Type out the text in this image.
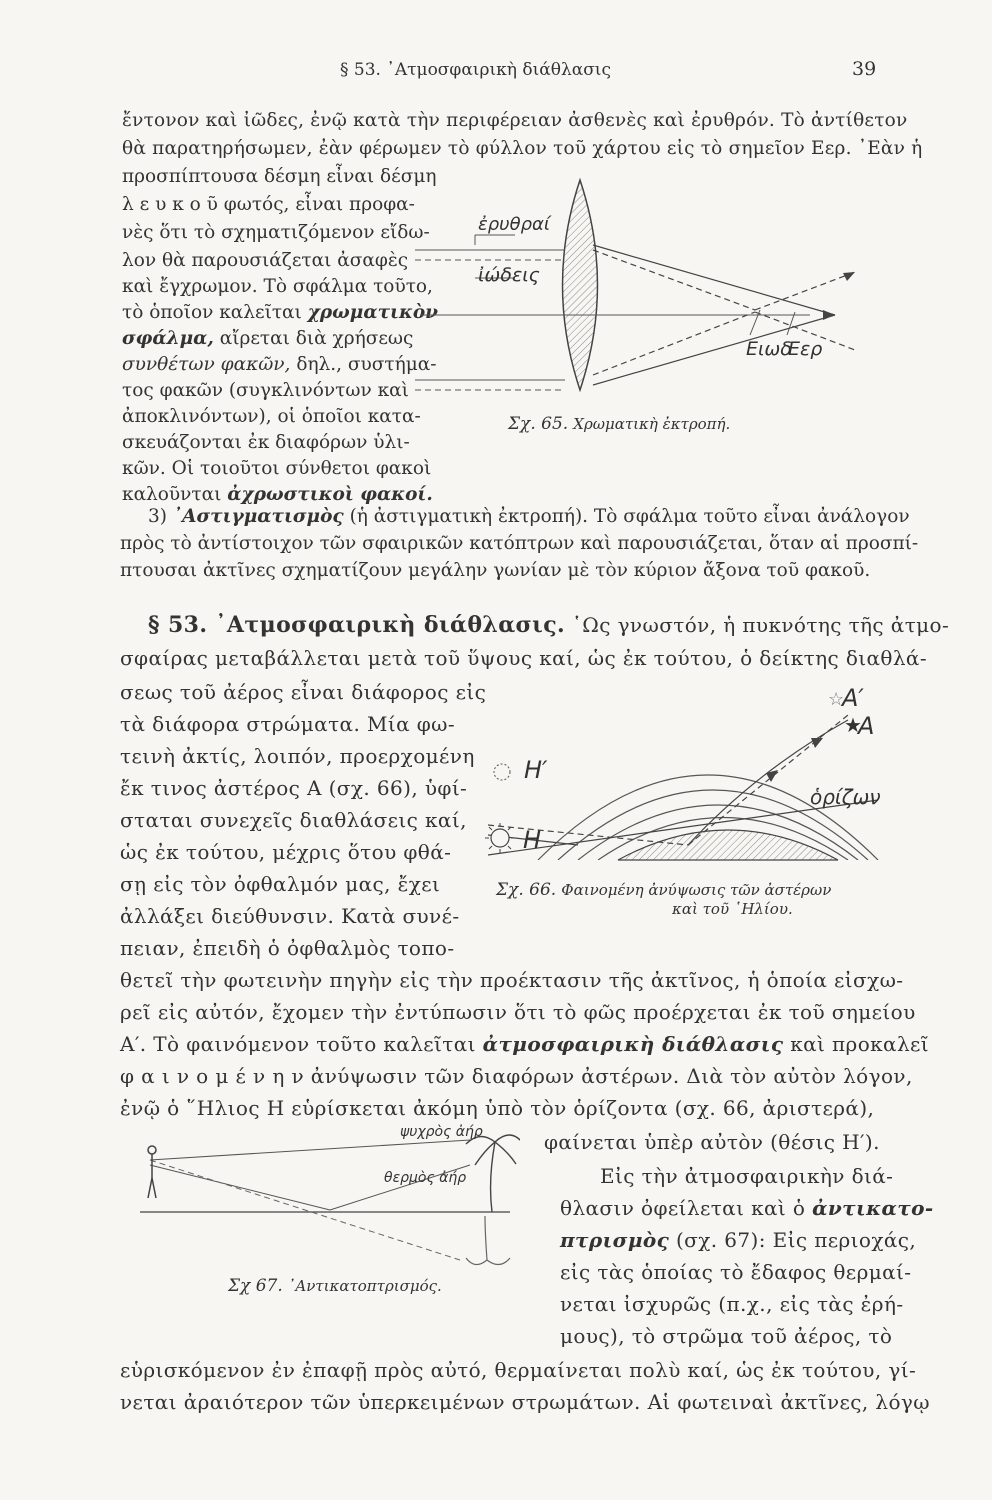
§ 53. ᾿Ατμοσφαιρικὴ διάθλασις	39
ἔντονον καὶ ἰῶδες, ἐνῷ κατὰ τὴν περιφέρειαν ἀσθενὲς καὶ ἐρυθρόν. Τὸ ἀντίθετον
θὰ παρατηρήσωμεν, ἐὰν φέρωμεν τὸ φύλλον τοῦ χάρτου εἰς τὸ σημεῖον Eερ. ᾿Εὰν ἡ
προσπίπτουσα δέσμη εἶναι δέσμη
λ ε υ κ ο ῦ φωτός, εἶναι προφα-
νὲς ὅτι τὸ σχηματιζόμενον εἴδω-
λον θὰ παρουσιάζεται ἀσαφὲς
καὶ ἔγχρωμον. Τὸ σφάλμα τοῦτο,
τὸ ὁποῖον καλεῖται χρωματικὸν
σφάλμα, αἴρεται διὰ χρήσεως
συνθέτων φακῶν, δηλ., συστήμα-
τος φακῶν (συγκλινόντων καὶ
ἀποκλινόντων), οἱ ὁποῖοι κατα-
σκευάζονται ἐκ διαφόρων ὑλι-
κῶν. Οἱ τοιοῦτοι σύνθετοι φακοὶ
καλοῦνται ἀχρωστικοὶ φακοί.
ἐρυθραί
ἰώδεις
Eιωδ
Eερ
Σχ. 65. Χρωματικὴ ἐκτροπή.
3) ᾿Αστιγματισμὸς (ἡ ἀστιγματικὴ ἐκτροπή). Τὸ σφάλμα τοῦτο εἶναι ἀνάλογον
πρὸς τὸ ἀντίστοιχον τῶν σφαιρικῶν κατόπτρων καὶ παρουσιάζεται, ὅταν αἱ προσπί-
πτουσαι ἀκτῖνες σχηματίζουν μεγάλην γωνίαν μὲ τὸν κύριον ἄξονα τοῦ φακοῦ.
§ 53. ᾿Ατμοσφαιρικὴ διάθλασις. ῾Ως γνωστόν, ἡ πυκνότης τῆς ἀτμο-
σφαίρας μεταβάλλεται μετὰ τοῦ ὕψους καί, ὡς ἐκ τούτου, ὁ δείκτης διαθλά-
σεως τοῦ ἀέρος εἶναι διάφορος εἰς
τὰ διάφορα στρώματα. Μία φω-
τεινὴ ἀκτίς, λοιπόν, προερχομένη
ἔκ τινος ἀστέρος A (σχ. 66), ὑφί-
σταται συνεχεῖς διαθλάσεις καί,
ὡς ἐκ τούτου, μέχρις ὅτου φθά-
σῃ εἰς τὸν ὀφθαλμόν μας, ἔχει
ἀλλάξει διεύθυνσιν. Κατὰ συνέ-
πειαν, ἐπειδὴ ὁ ὀφθαλμὸς τοπο-
☆
★
A′
A
H′
H
ὁρίζων
Σχ. 66. Φαινομένη ἀνύψωσις τῶν ἀστέρων
καὶ τοῦ ῾Ηλίου.
θετεῖ τὴν φωτεινὴν πηγὴν εἰς τὴν προέκτασιν τῆς ἀκτῖνος, ἡ ὁποία εἰσχω-
ρεῖ εἰς αὐτόν, ἔχομεν τὴν ἐντύπωσιν ὅτι τὸ φῶς προέρχεται ἐκ τοῦ σημείου
A′. Τὸ φαινόμενον τοῦτο καλεῖται ἀτμοσφαιρικὴ διάθλασις καὶ προκαλεῖ
φ α ι ν ο μ έ ν η ν ἀνύψωσιν τῶν διαφόρων ἀστέρων. Διὰ τὸν αὐτὸν λόγον,
ἐνῷ ὁ ῞Ηλιος H εὑρίσκεται ἀκόμη ὑπὸ τὸν ὁρίζοντα (σχ. 66, ἀριστερά),
φαίνεται ὑπὲρ αὐτὸν (θέσις H′).
ψυχρὸς ἀήρ
θερμὸς ἀήρ
Σχ 67. ᾿Αντικατοπτρισμός.
Εἰς τὴν ἀτμοσφαιρικὴν διά-
θλασιν ὀφείλεται καὶ ὁ ἀντικατο-
πτρισμὸς (σχ. 67): Εἰς περιοχάς,
εἰς τὰς ὁποίας τὸ ἔδαφος θερμαί-
νεται ἰσχυρῶς (π.χ., εἰς τὰς ἐρή-
μους), τὸ στρῶμα τοῦ ἀέρος, τὸ
εὑρισκόμενον ἐν ἐπαφῇ πρὸς αὐτό, θερμαίνεται πολὺ καί, ὡς ἐκ τούτου, γί-
νεται ἀραιότερον τῶν ὑπερκειμένων στρωμάτων. Αἱ φωτειναὶ ἀκτῖνες, λόγῳ
